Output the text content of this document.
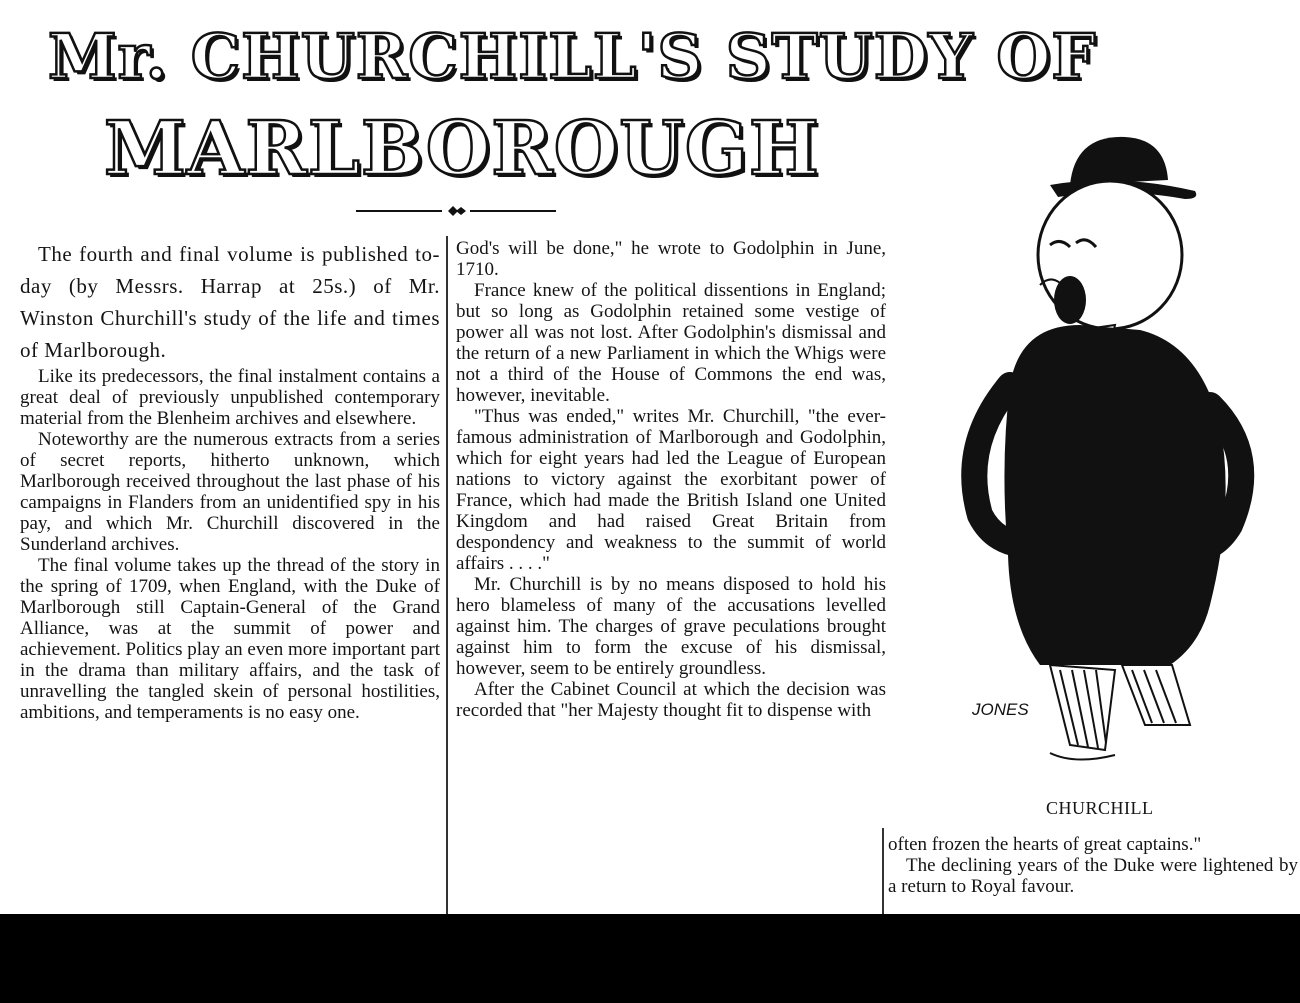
Mr. CHURCHILL'S STUDY OF
MARLBOROUGH

The fourth and final volume is published to-day (by Messrs. Harrap at 25s.) of Mr. Winston Churchill's study of the life and times of Marlborough.

Like its predecessors, the final instalment contains a great deal of previously unpublished contemporary material from the Blenheim archives and elsewhere.

Noteworthy are the numerous extracts from a series of secret reports, hitherto unknown, which Marlborough received throughout the last phase of his campaigns in Flanders from an unidentified spy in his pay, and which Mr. Churchill discovered in the Sunderland archives.

The final volume takes up the thread of the story in the spring of 1709, when England, with the Duke of Marlborough still Captain-General of the Grand Alliance, was at the summit of power and achievement. Politics play an even more important part in the drama than military affairs, and the task of unravelling the tangled skein of personal hostilities, ambitions, and temperaments is no easy one.

God's will be done," he wrote to Godolphin in June, 1710.

France knew of the political dissentions in England; but so long as Godolphin retained some vestige of power all was not lost. After Godolphin's dismissal and the return of a new Parliament in which the Whigs were not a third of the House of Commons the end was, however, inevitable.

"Thus was ended," writes Mr. Churchill, "the ever-famous administration of Marlborough and Godolphin, which for eight years had led the League of European nations to victory against the exorbitant power of France, which had made the British Island one United Kingdom and had raised Great Britain from despondency and weakness to the summit of world affairs . . . ."

Mr. Churchill is by no means disposed to hold his hero blameless of many of the accusations levelled against him. The charges of grave peculations brought against him to form the excuse of his dismissal, however, seem to be entirely groundless.

After the Cabinet Council at which the decision was recorded that "her Majesty thought fit to dispense with	JONES

CHURCHILL

often frozen the hearts of great captains."

The declining years of the Duke were lightened by a return to Royal favour.
